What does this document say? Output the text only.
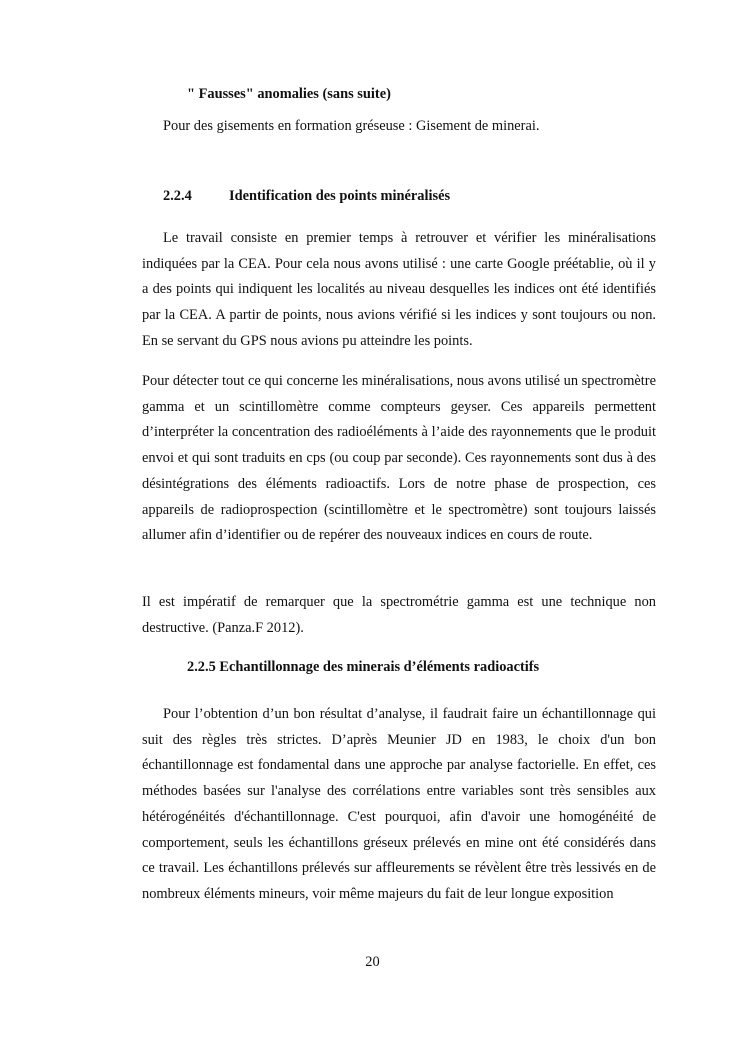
" Fausses" anomalies (sans suite)

Pour des gisements en formation gréseuse : Gisement de minerai.

2.2.4	Identification des points minéralisés

Le travail consiste en premier temps à retrouver et vérifier les minéralisations indiquées par la CEA. Pour cela nous avons utilisé : une carte Google préétablie, où il y a des points qui indiquent les localités au niveau desquelles les indices ont été identifiés par la CEA. A partir de points, nous avions vérifié si les indices y sont toujours ou non. En se servant du GPS nous avions pu atteindre les points.

Pour détecter tout ce qui concerne les minéralisations, nous avons utilisé un spectromètre gamma et un scintillomètre comme compteurs geyser. Ces appareils permettent d’interpréter la concentration des radioéléments à l’aide des rayonnements que le produit envoi et qui sont traduits en cps (ou coup par seconde). Ces rayonnements sont dus à des désintégrations des éléments radioactifs. Lors de notre phase de prospection, ces appareils de radioprospection (scintillomètre et le spectromètre) sont toujours laissés allumer afin d’identifier ou de repérer des nouveaux indices en cours de route.

Il est impératif de remarquer que la spectrométrie gamma est une technique non destructive. (Panza.F 2012).

2.2.5 Echantillonnage des minerais d’éléments radioactifs

Pour l’obtention d’un bon résultat d’analyse, il faudrait faire un échantillonnage qui suit des règles très strictes. D’après Meunier JD en 1983, le choix d'un bon échantillonnage est fondamental dans une approche par analyse factorielle. En effet, ces méthodes basées sur l'analyse des corrélations entre variables sont très sensibles aux hétérogénéités d'échantillonnage. C'est pourquoi, afin d'avoir une homogénéité de comportement, seuls les échantillons gréseux prélevés en mine ont été considérés dans ce travail. Les échantillons prélevés sur affleurements se révèlent être très lessivés en de nombreux éléments mineurs, voir même majeurs du fait de leur longue exposition

20
